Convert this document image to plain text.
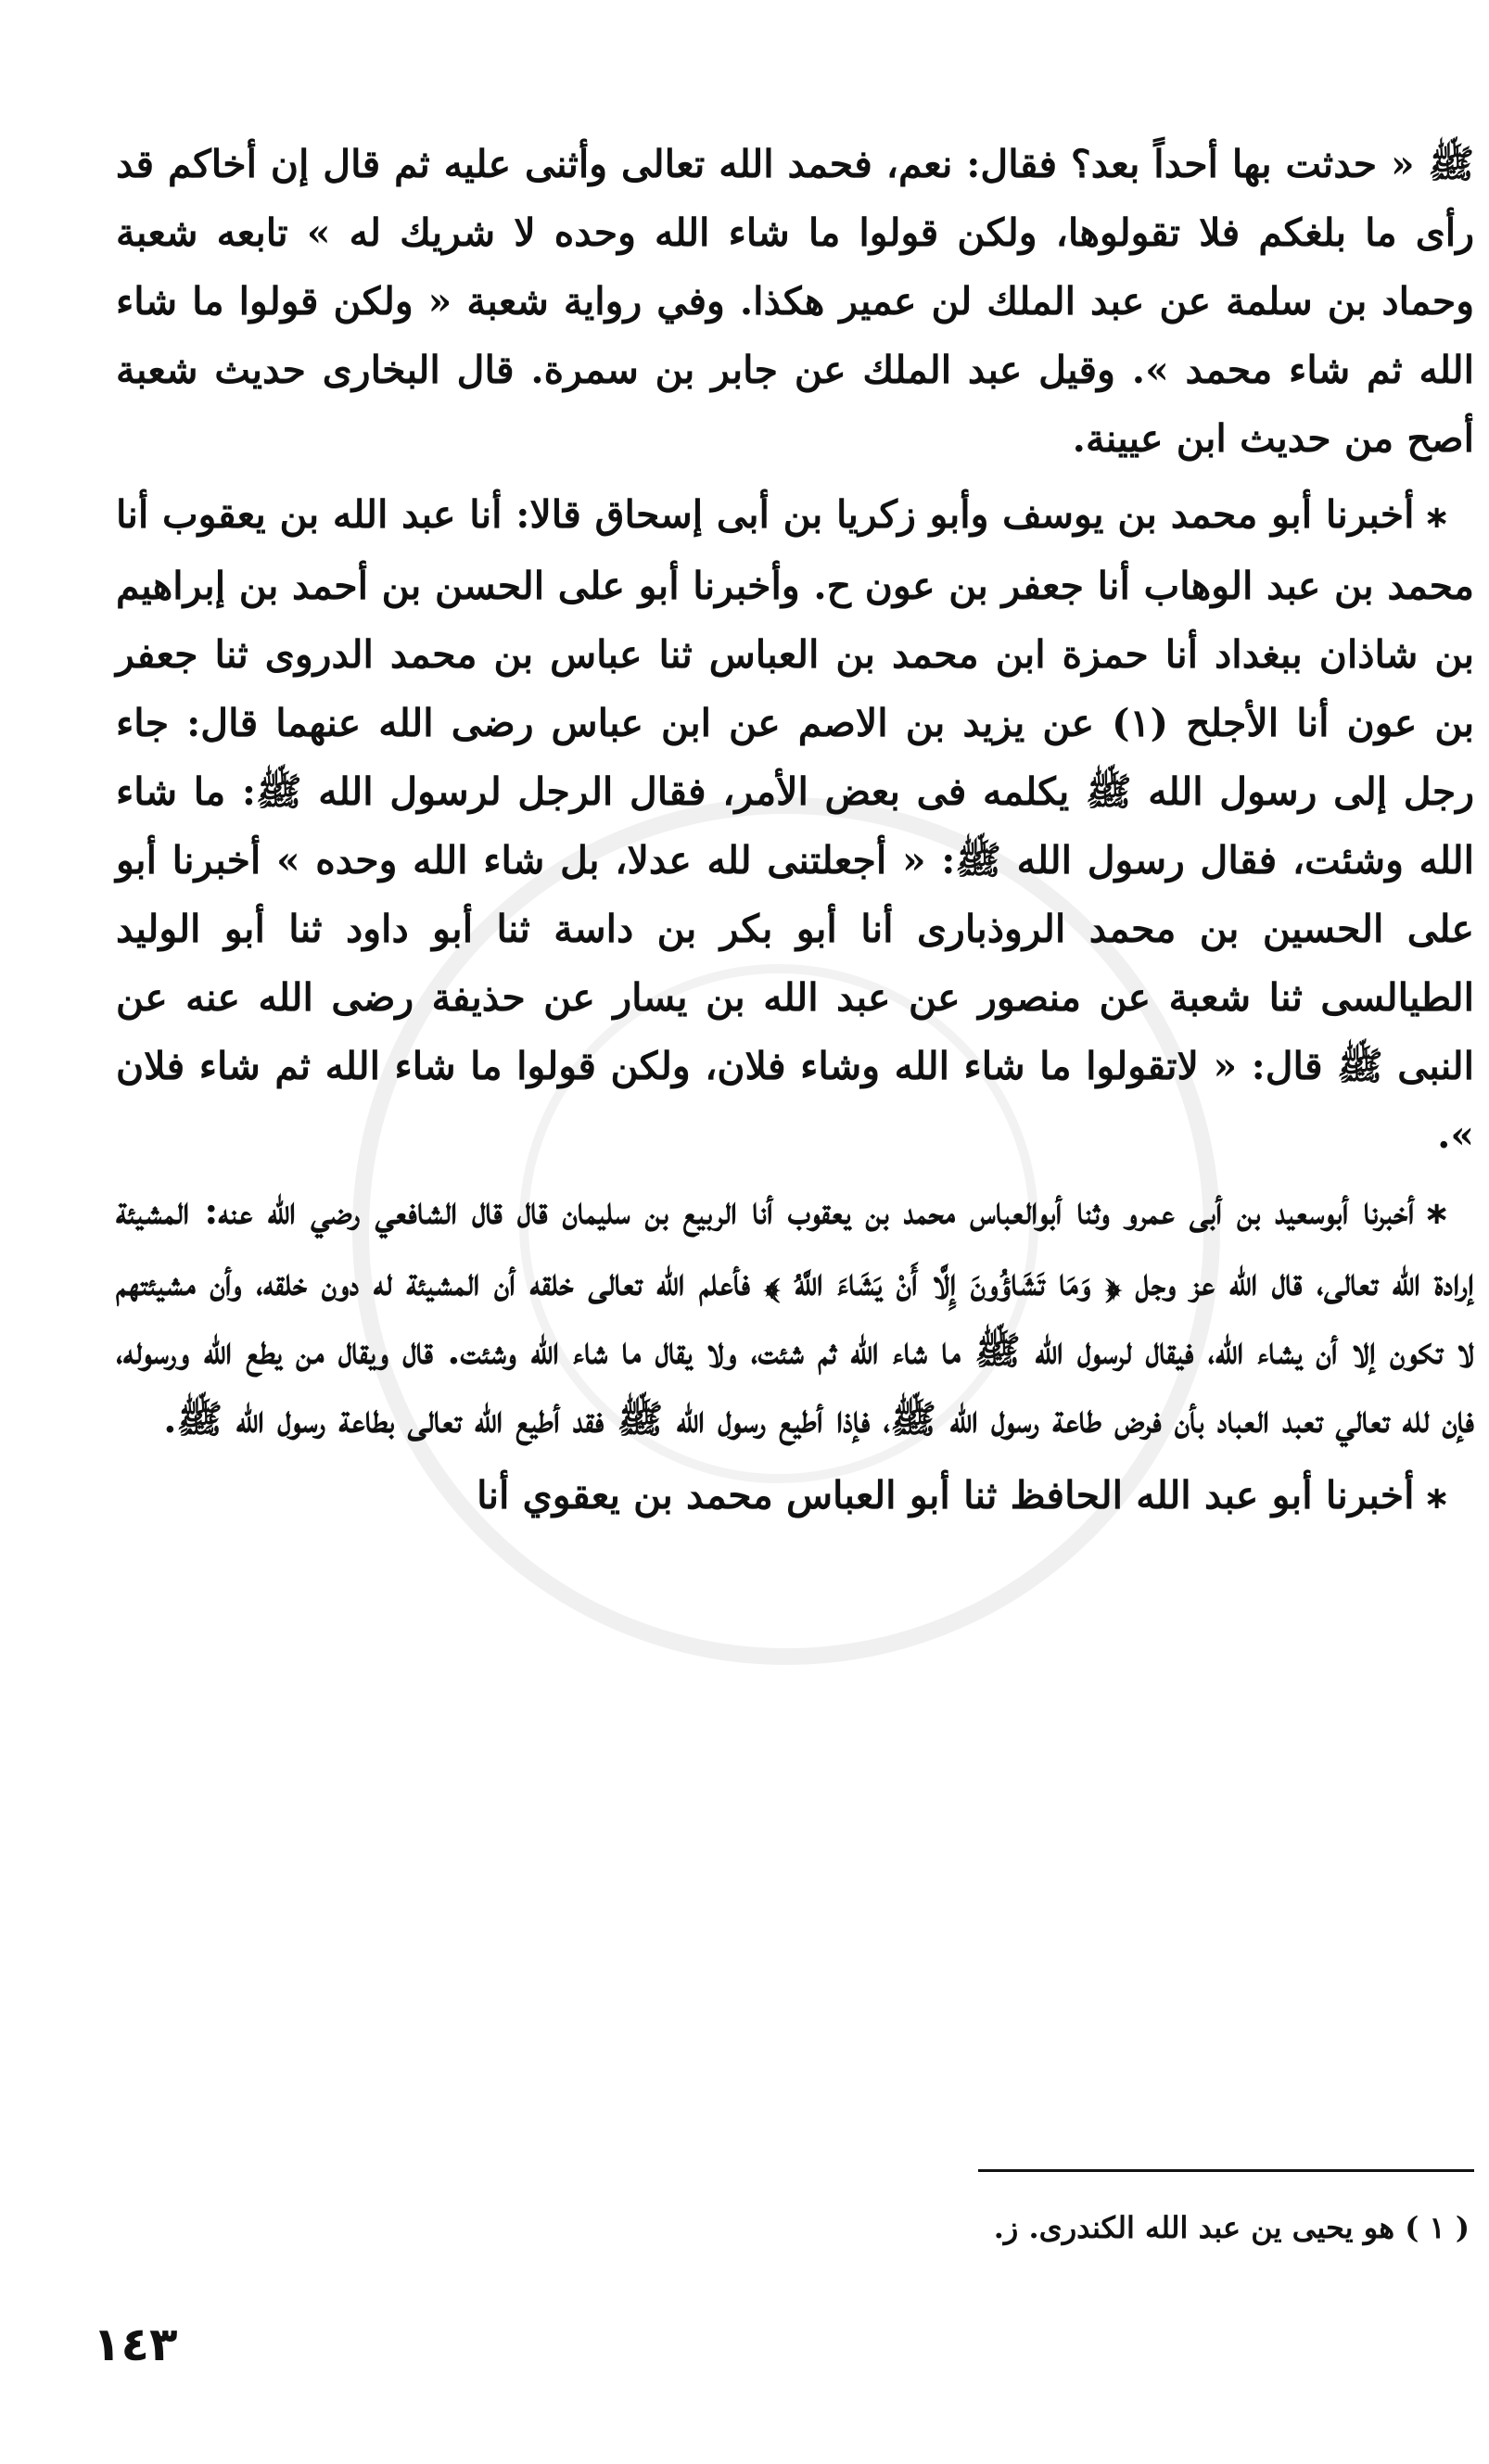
ﷺ « حدثت بها أحداً بعد؟ فقال: نعم، فحمد الله تعالى وأثنى عليه ثم قال إن أخاكم قد رأى ما بلغكم فلا تقولوها، ولكن قولوا ما شاء الله وحده لا شريك له » تابعه شعبة وحماد بن سلمة عن عبد الملك لن عمير هكذا. وفي رواية شعبة « ولكن قولوا ما شاء الله ثم شاء محمد ». وقيل عبد الملك عن جابر بن سمرة. قال البخارى حديث شعبة أصح من حديث ابن عيينة.

∗أخبرنا أبو محمد بن يوسف وأبو زكريا بن أبى إسحاق قالا: أنا عبد الله بن يعقوب أنا محمد بن عبد الوهاب أنا جعفر بن عون ح. وأخبرنا أبو على الحسن بن أحمد بن إبراهيم بن شاذان ببغداد أنا حمزة ابن محمد بن العباس ثنا عباس بن محمد الدروى ثنا جعفر بن عون أنا الأجلح (١) عن يزيد بن الاصم عن ابن عباس رضى الله عنهما قال: جاء رجل إلى رسول الله ﷺ يكلمه فى بعض الأمر، فقال الرجل لرسول الله ﷺ: ما شاء الله وشئت، فقال رسول الله ﷺ: « أجعلتنى لله عدلا، بل شاء الله وحده » أخبرنا أبو على الحسين بن محمد الروذبارى أنا أبو بكر بن داسة ثنا أبو داود ثنا أبو الوليد الطيالسى ثنا شعبة عن منصور عن عبد الله بن يسار عن حذيفة رضى الله عنه عن النبى ﷺ قال: « لاتقولوا ما شاء الله وشاء فلان، ولكن قولوا ما شاء الله ثم شاء فلان ».

∗أخبرنا أبوسعيد بن أبى عمرو وثنا أبوالعباس محمد بن يعقوب أنا الربيع بن سليمان قال قال الشافعي رضي الله عنه: المشيئة إرادة الله تعالى، قال الله عز وجل ﴿ وَمَا تَشَاؤُونَ إِلَّا أَنْ يَشَاءَ اللَّهُ ﴾ فأعلم الله تعالى خلقه أن المشيئة له دون خلقه، وأن مشيئتهم لا تكون إلا أن يشاء الله، فيقال لرسول الله ﷺ ما شاء الله ثم شئت، ولا يقال ما شاء الله وشئت. قال ويقال من يطع الله ورسوله، فإن لله تعالي تعبد العباد بأن فرض طاعة رسول الله ﷺ، فإذا أطيع رسول الله ﷺ فقد أطيع الله تعالى بطاعة رسول الله ﷺ.

∗أخبرنا أبو عبد الله الحافظ ثنا أبو العباس محمد بن يعقوي أنا

( ١ ) هو يحيى ين عبد الله الكندرى. ز.
١٤٣
